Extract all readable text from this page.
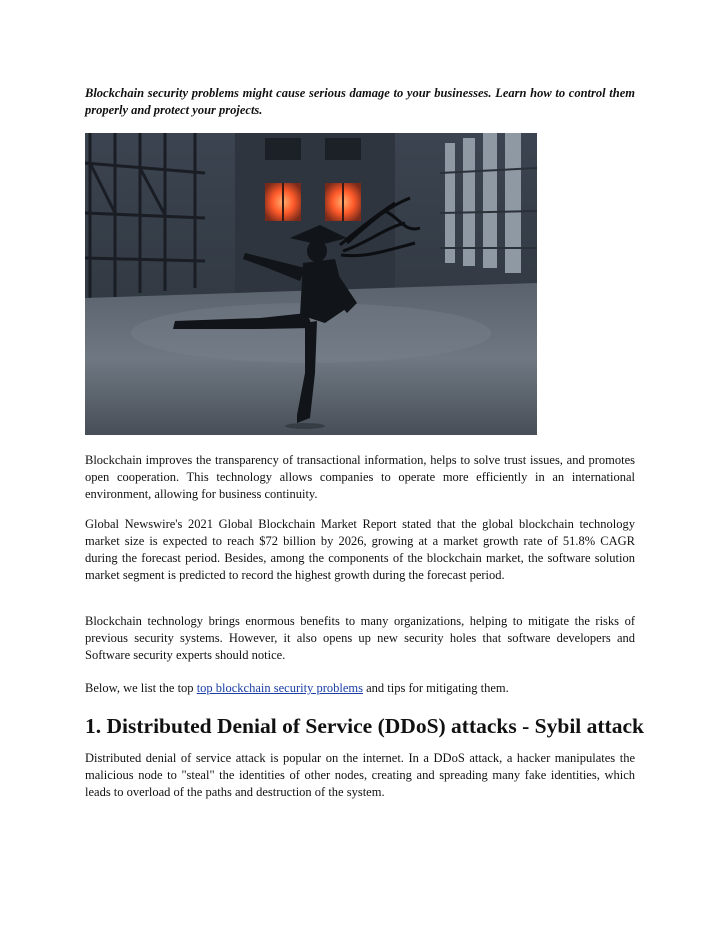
Blockchain security problems might cause serious damage to your businesses. Learn how to control them properly and protect your projects.

Blockchain improves the transparency of transactional information, helps to solve trust issues, and promotes open cooperation. This technology allows companies to operate more efficiently in an international environment, allowing for business continuity.

Global Newswire's 2021 Global Blockchain Market Report stated that the global blockchain technology market size is expected to reach $72 billion by 2026, growing at a market growth rate of 51.8% CAGR during the forecast period. Besides, among the components of the blockchain market, the software solution market segment is predicted to record the highest growth during the forecast period.

Blockchain technology brings enormous benefits to many organizations, helping to mitigate the risks of previous security systems. However, it also opens up new security holes that software developers and Software security experts should notice.

Below, we list the top top blockchain security problems and tips for mitigating them.

1. Distributed Denial of Service (DDoS) attacks - Sybil attack

Distributed denial of service attack is popular on the internet. In a DDoS attack, a hacker manipulates the malicious node to "steal" the identities of other nodes, creating and spreading many fake identities, which leads to overload of the paths and destruction of the system.
